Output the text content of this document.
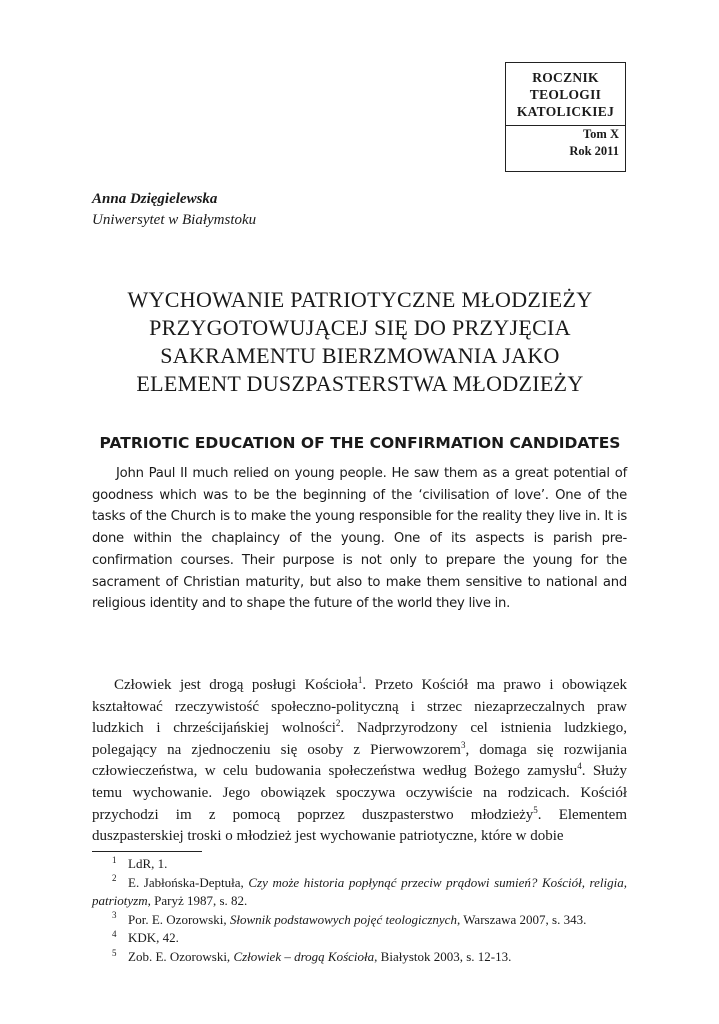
ROCZNIK
TEOLOGII
KATOLICKIEJ
Tom X
Rok 2011
Anna Dzięgielewska
Uniwersytet w Białymstoku
WYCHOWANIE PATRIOTYCZNE MŁODZIEŻY
PRZYGOTOWUJĄCEJ SIĘ DO PRZYJĘCIA
SAKRAMENTU BIERZMOWANIA JAKO
ELEMENT DUSZPASTERSTWA MŁODZIEŻY
PATRIOTIC EDUCATION OF THE CONFIRMATION CANDIDATES

John Paul II much relied on young people. He saw them as a great potential of goodness which was to be the beginning of the ‘civilisation of love’. One of the tasks of the Church is to make the young responsible for the reality they live in. It is done within the chaplaincy of the young. One of its aspects is parish pre-confirmation courses. Their purpose is not only to prepare the young for the sacrament of Christian maturity, but also to make them sensitive to national and religious identity and to shape the future of the world they live in.

Człowiek jest drogą posługi Kościoła$^1$. Przeto Kościół ma prawo i obowiązek kształtować rzeczywistość społeczno-polityczną i strzec niezaprzeczalnych praw ludzkich i chrześcijańskiej wolności$^2$. Nadprzyrodzony cel istnienia ludzkiego, polegający na zjednoczeniu się osoby z Pierwowzorem$^3$, domaga się rozwijania człowieczeństwa, w celu budowania społeczeństwa według Bożego zamysłu$^4$. Służy temu wychowanie. Jego obowiązek spoczywa oczywiście na rodzicach. Kościół przychodzi im z pomocą poprzez duszpasterstwo młodzieży$^5$. Elementem duszpasterskiej troski o młodzież jest wychowanie patriotyczne, które w dobie

1 LdR, 1.
2 E. Jabłońska-Deptuła, Czy może historia popłynąć przeciw prądowi sumień? Kościół, religia, patriotyzm, Paryż 1987, s. 82.
3 Por. E. Ozorowski, Słownik podstawowych pojęć teologicznych, Warszawa 2007, s. 343.
4 KDK, 42.
5 Zob. E. Ozorowski, Człowiek – drogą Kościoła, Białystok 2003, s. 12-13.
